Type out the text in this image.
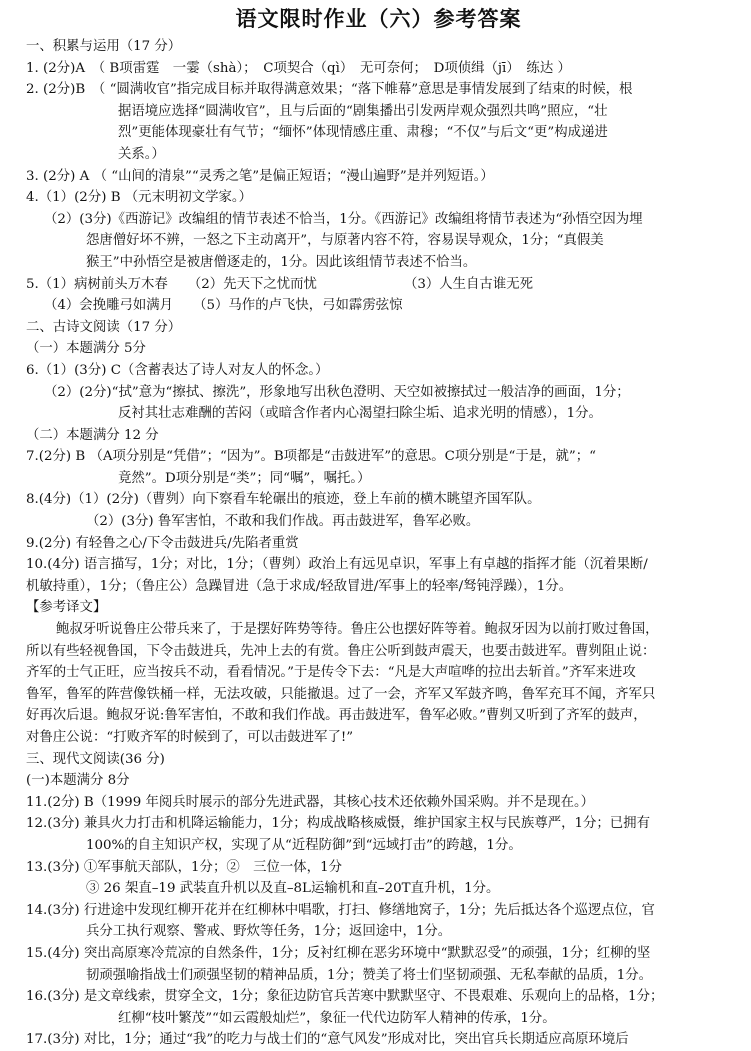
语文限时作业（六）参考答案
一、积累与运用（17 分）
1. (2分)A　（ B项雷霆　一霎（shà）；　C项契合（qì）　无可奈何；　D项侦缉（jī）　练达 ）
2. (2分)B　（ “圆满收官”指完成目标并取得满意效果；“落下帷幕”意思是事情发展到了结束的时候，根
据语境应选择“圆满收官”，且与后面的“剧集播出引发两岸观众强烈共鸣”照应，“壮
烈”更能体现豪壮有气节；“缅怀”体现情感庄重、肃穆；“不仅”与后文“更”构成递进
关系。）
3. (2分) A （ “山间的清泉”“灵秀之笔”是偏正短语；“漫山遍野”是并列短语。）
4.（1）(2分) B （元末明初文学家。）
（2）(3分)《西游记》改编组的情节表述不恰当，1分。《西游记》改编组将情节表述为“孙悟空因为埋
怨唐僧好坏不辨，一怒之下主动离开”，与原著内容不符，容易误导观众，1分；“真假美
猴王”中孙悟空是被唐僧逐走的，1分。因此该组情节表述不恰当。
5.（1）病树前头万木春　　（2）先天下之忧而忧　　　　　　　（3）人生自古谁无死
（4）会挽雕弓如满月　　（5）马作的卢飞快，弓如霹雳弦惊
二、古诗文阅读（17 分）
（一）本题满分 5分
6.（1）(3分) C（含蓄表达了诗人对友人的怀念。）
（2）(2分)“拭”意为“擦拭、擦洗”，形象地写出秋色澄明、天空如被擦拭过一般洁净的画面，1分；
反衬其壮志难酬的苦闷（或暗含作者内心渴望扫除尘垢、追求光明的情感），1分。
（二）本题满分 12 分
7.(2分) B （A项分别是“凭借”；“因为”。B项都是“击鼓进军”的意思。C项分别是“于是，就”；“
竟然”。D项分别是“类”；同“嘱”，嘱托。）
8.(4分)（1）(2分)（曹刿）向下察看车轮碾出的痕迹，登上车前的横木眺望齐国军队。
（2）(3分) 鲁军害怕，不敢和我们作战。再击鼓进军，鲁军必败。
9.(2分) 有轻鲁之心/下令击鼓进兵/先陷者重赏
10.(4分) 语言描写，1分；对比，1分；（曹刿）政治上有远见卓识，军事上有卓越的指挥才能（沉着果断/
机敏持重），1分；（鲁庄公）急躁冒进（急于求成/轻敌冒进/军事上的轻率/驽钝浮躁），1分。
【参考译文】
鲍叔牙听说鲁庄公带兵来了，于是摆好阵势等待。鲁庄公也摆好阵等着。鲍叔牙因为以前打败过鲁国，
所以有些轻视鲁国，下令击鼓进兵，先冲上去的有赏。鲁庄公听到鼓声震天，也要击鼓进军。曹刿阻止说：
齐军的士气正旺，应当按兵不动，看看情况。”于是传令下去：“凡是大声喧哗的拉出去斩首。”齐军来进攻
鲁军，鲁军的阵营像铁桶一样，无法攻破，只能撤退。过了一会，齐军又军鼓齐鸣，鲁军充耳不闻，齐军只
好再次后退。鲍叔牙说:鲁军害怕，不敢和我们作战。再击鼓进军，鲁军必败。”曹刿又听到了齐军的鼓声，
对鲁庄公说：“打败齐军的时候到了，可以击鼓进军了!”
三、现代文阅读(36 分)
(一)本题满分 8分
11.(2分) B（1999 年阅兵时展示的部分先进武器，其核心技术还依赖外国采购。并不是现在。）
12.(3分) 兼具火力打击和机降运输能力，1分；构成战略核威慑，维护国家主权与民族尊严，1分；已拥有
100%的自主知识产权，实现了从“近程防御”到“远域打击”的跨越，1分。
13.(3分) ①军事航天部队，1分；②　三位一体，1分
③ 26 架直–19 武装直升机以及直–8L运输机和直–20T直升机，1分。
14.(3分) 行进途中发现红柳开花并在红柳林中唱歌，打扫、修缮地窝子，1分；先后抵达各个巡逻点位，官
兵分工执行观察、警戒、野炊等任务，1分；返回途中，1分。
15.(4分) 突出高原寒冷荒凉的自然条件，1分；反衬红柳在恶劣环境中“默默忍受”的顽强，1分；红柳的坚
韧顽强喻指战士们顽强坚韧的精神品质，1分；赞美了将士们坚韧顽强、无私奉献的品质，1分。
16.(3分) 是文章线索，贯穿全文，1分；象征边防官兵苦寒中默默坚守、不畏艰难、乐观向上的品格，1分；
红柳“枝叶繁茂”“如云霞般灿烂”，象征一代代边防军人精神的传承，1分。
17.(3分) 对比，1分；通过“我”的吃力与战士们的“意气风发”形成对比，突出官兵长期适应高原环境后
